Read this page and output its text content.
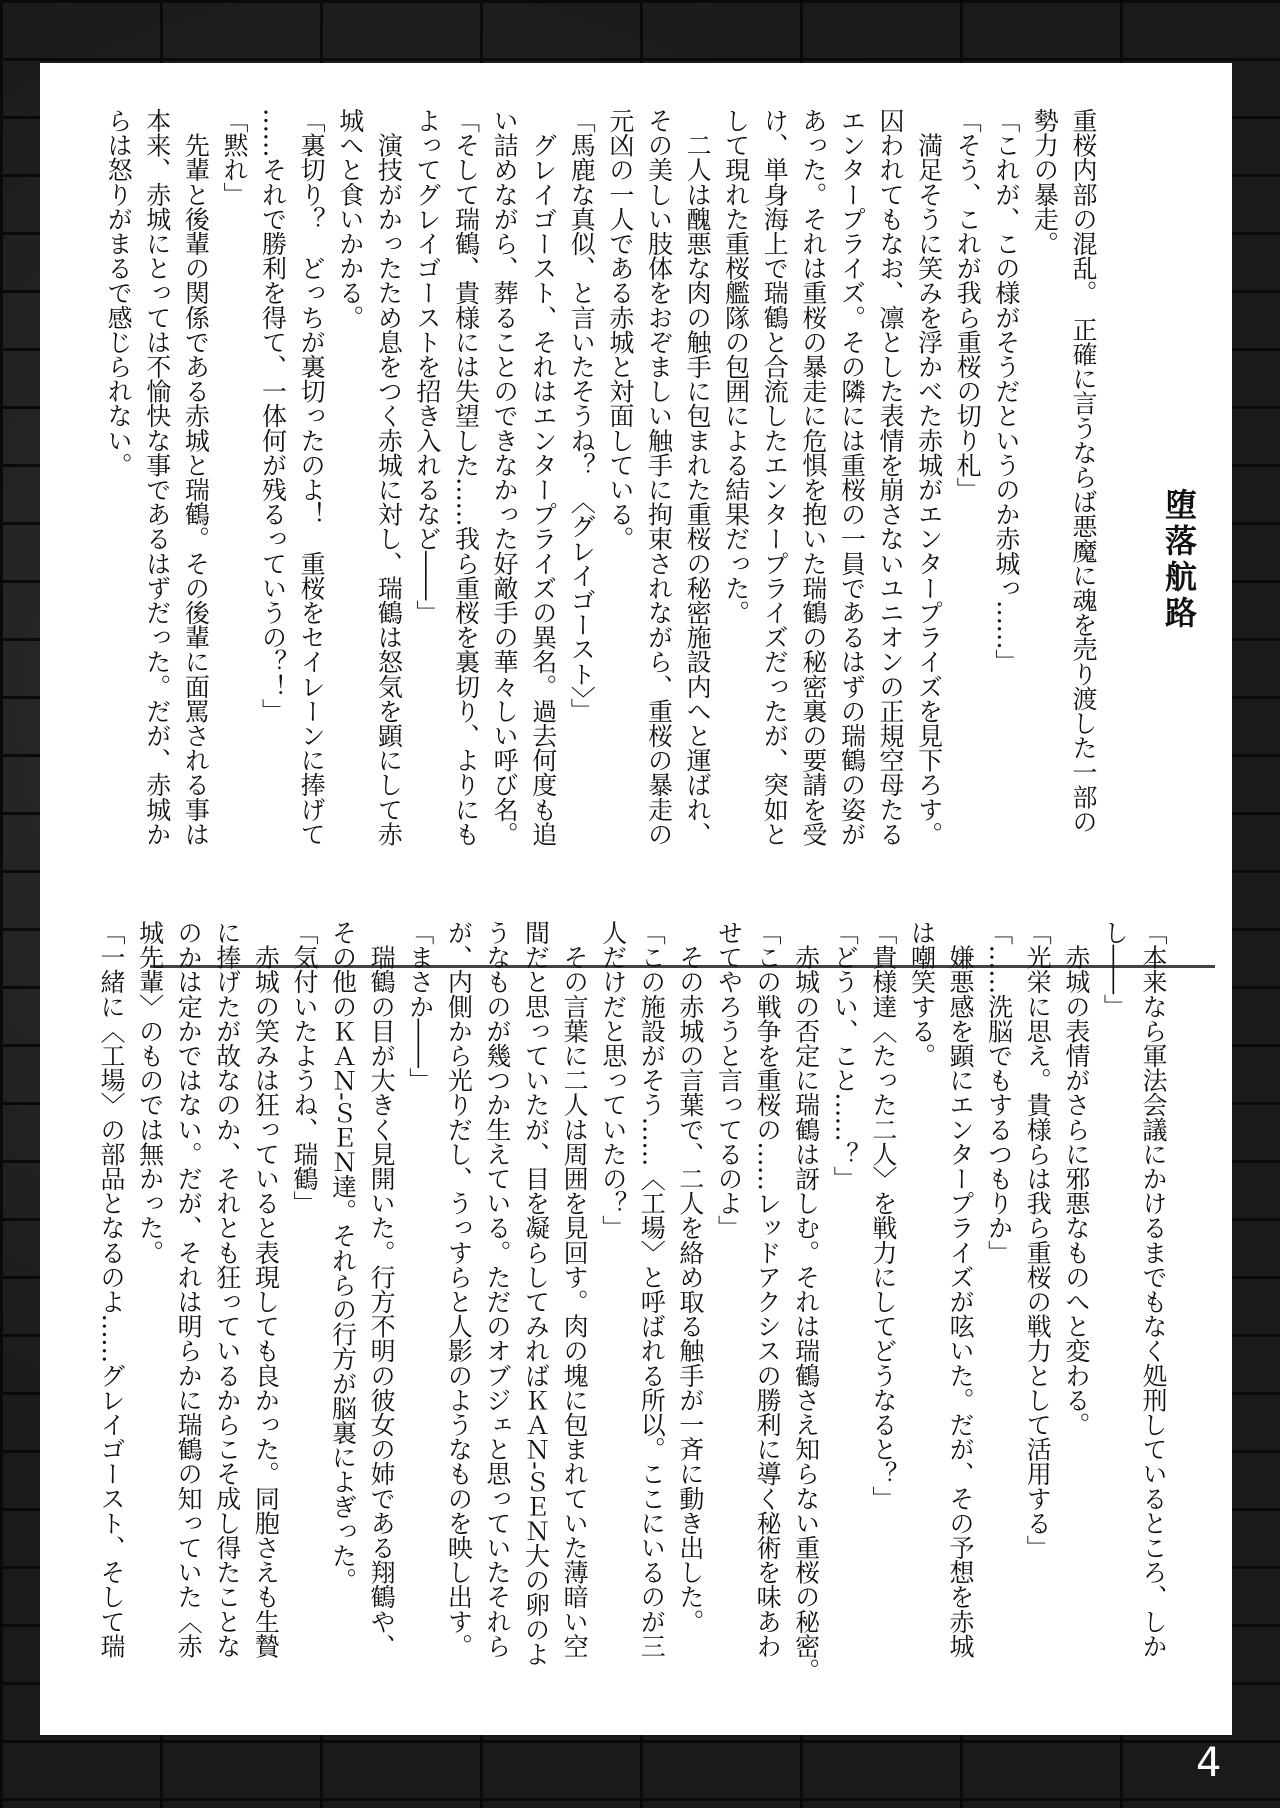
堕落航路
重桜内部の混乱。　正確に言うならば悪魔に魂を売り渡した一部の
勢力の暴走。
「これが、この様がそうだというのか赤城っ……」
「そう、これが我ら重桜の切り札」
　満足そうに笑みを浮かべた赤城がエンタープライズを見下ろす。
囚われてもなお、凛とした表情を崩さないユニオンの正規空母たる
エンタープライズ。その隣には重桜の一員であるはずの瑞鶴の姿が
あった。それは重桜の暴走に危惧を抱いた瑞鶴の秘密裏の要請を受
け、単身海上で瑞鶴と合流したエンタープライズだったが、突如と
して現れた重桜艦隊の包囲による結果だった。
　二人は醜悪な肉の触手に包まれた重桜の秘密施設内へと運ばれ、
その美しい肢体をおぞましい触手に拘束されながら、重桜の暴走の
元凶の一人である赤城と対面している。
「馬鹿な真似、と言いたそうね？　〈グレイゴースト〉」
　グレイゴースト、それはエンタープライズの異名。過去何度も追
い詰めながら、葬ることのできなかった好敵手の華々しい呼び名。
「そして瑞鶴、貴様には失望した……我ら重桜を裏切り、よりにも
よってグレイゴーストを招き入れるなど――」
　演技がかったため息をつく赤城に対し、瑞鶴は怒気を顕にして赤
城へと食いかかる。
「裏切り？　どっちが裏切ったのよ！　重桜をセイレーンに捧げて
……それで勝利を得て、一体何が残るっていうの？！」
「黙れ」
　先輩と後輩の関係である赤城と瑞鶴。その後輩に面罵される事は
本来、赤城にとっては不愉快な事であるはずだった。だが、赤城か
らは怒りがまるで感じられない。
「本来なら軍法会議にかけるまでもなく処刑しているところ、しか
し――」
　赤城の表情がさらに邪悪なものへと変わる。
「光栄に思え。貴様らは我ら重桜の戦力として活用する」
「……洗脳でもするつもりか」
　嫌悪感を顕にエンタープライズが呟いた。だが、その予想を赤城
は嘲笑する。
「貴様達〈たった二人〉を戦力にしてどうなると？」
「どうい、こと……？」
　赤城の否定に瑞鶴は訝しむ。それは瑞鶴さえ知らない重桜の秘密。
「この戦争を重桜の……レッドアクシスの勝利に導く秘術を味あわ
せてやろうと言ってるのよ」
　その赤城の言葉で、二人を絡め取る触手が一斉に動き出した。
「この施設がそう……〈工場〉と呼ばれる所以。ここにいるのが三
人だけだと思っていたの？」
　その言葉に二人は周囲を見回す。肉の塊に包まれていた薄暗い空
間だと思っていたが、目を凝らしてみればＫＡＮ-ＳＥＮ大の卵のよ
うなものが幾つか生えている。ただのオブジェと思っていたそれら
が、内側から光りだし、うっすらと人影のようなものを映し出す。
「まさか――」
　瑞鶴の目が大きく見開いた。行方不明の彼女の姉である翔鶴や、
その他のＫＡＮ-ＳＥＮ達。それらの行方が脳裏によぎった。
「気付いたようね、瑞鶴」
　赤城の笑みは狂っていると表現しても良かった。同胞さえも生贄
に捧げたが故なのか、それとも狂っているからこそ成し得たことな
のかは定かではない。だが、それは明らかに瑞鶴の知っていた〈赤
城先輩〉のものでは無かった。
「一緒に〈工場〉の部品となるのよ……グレイゴースト、そして瑞
4
